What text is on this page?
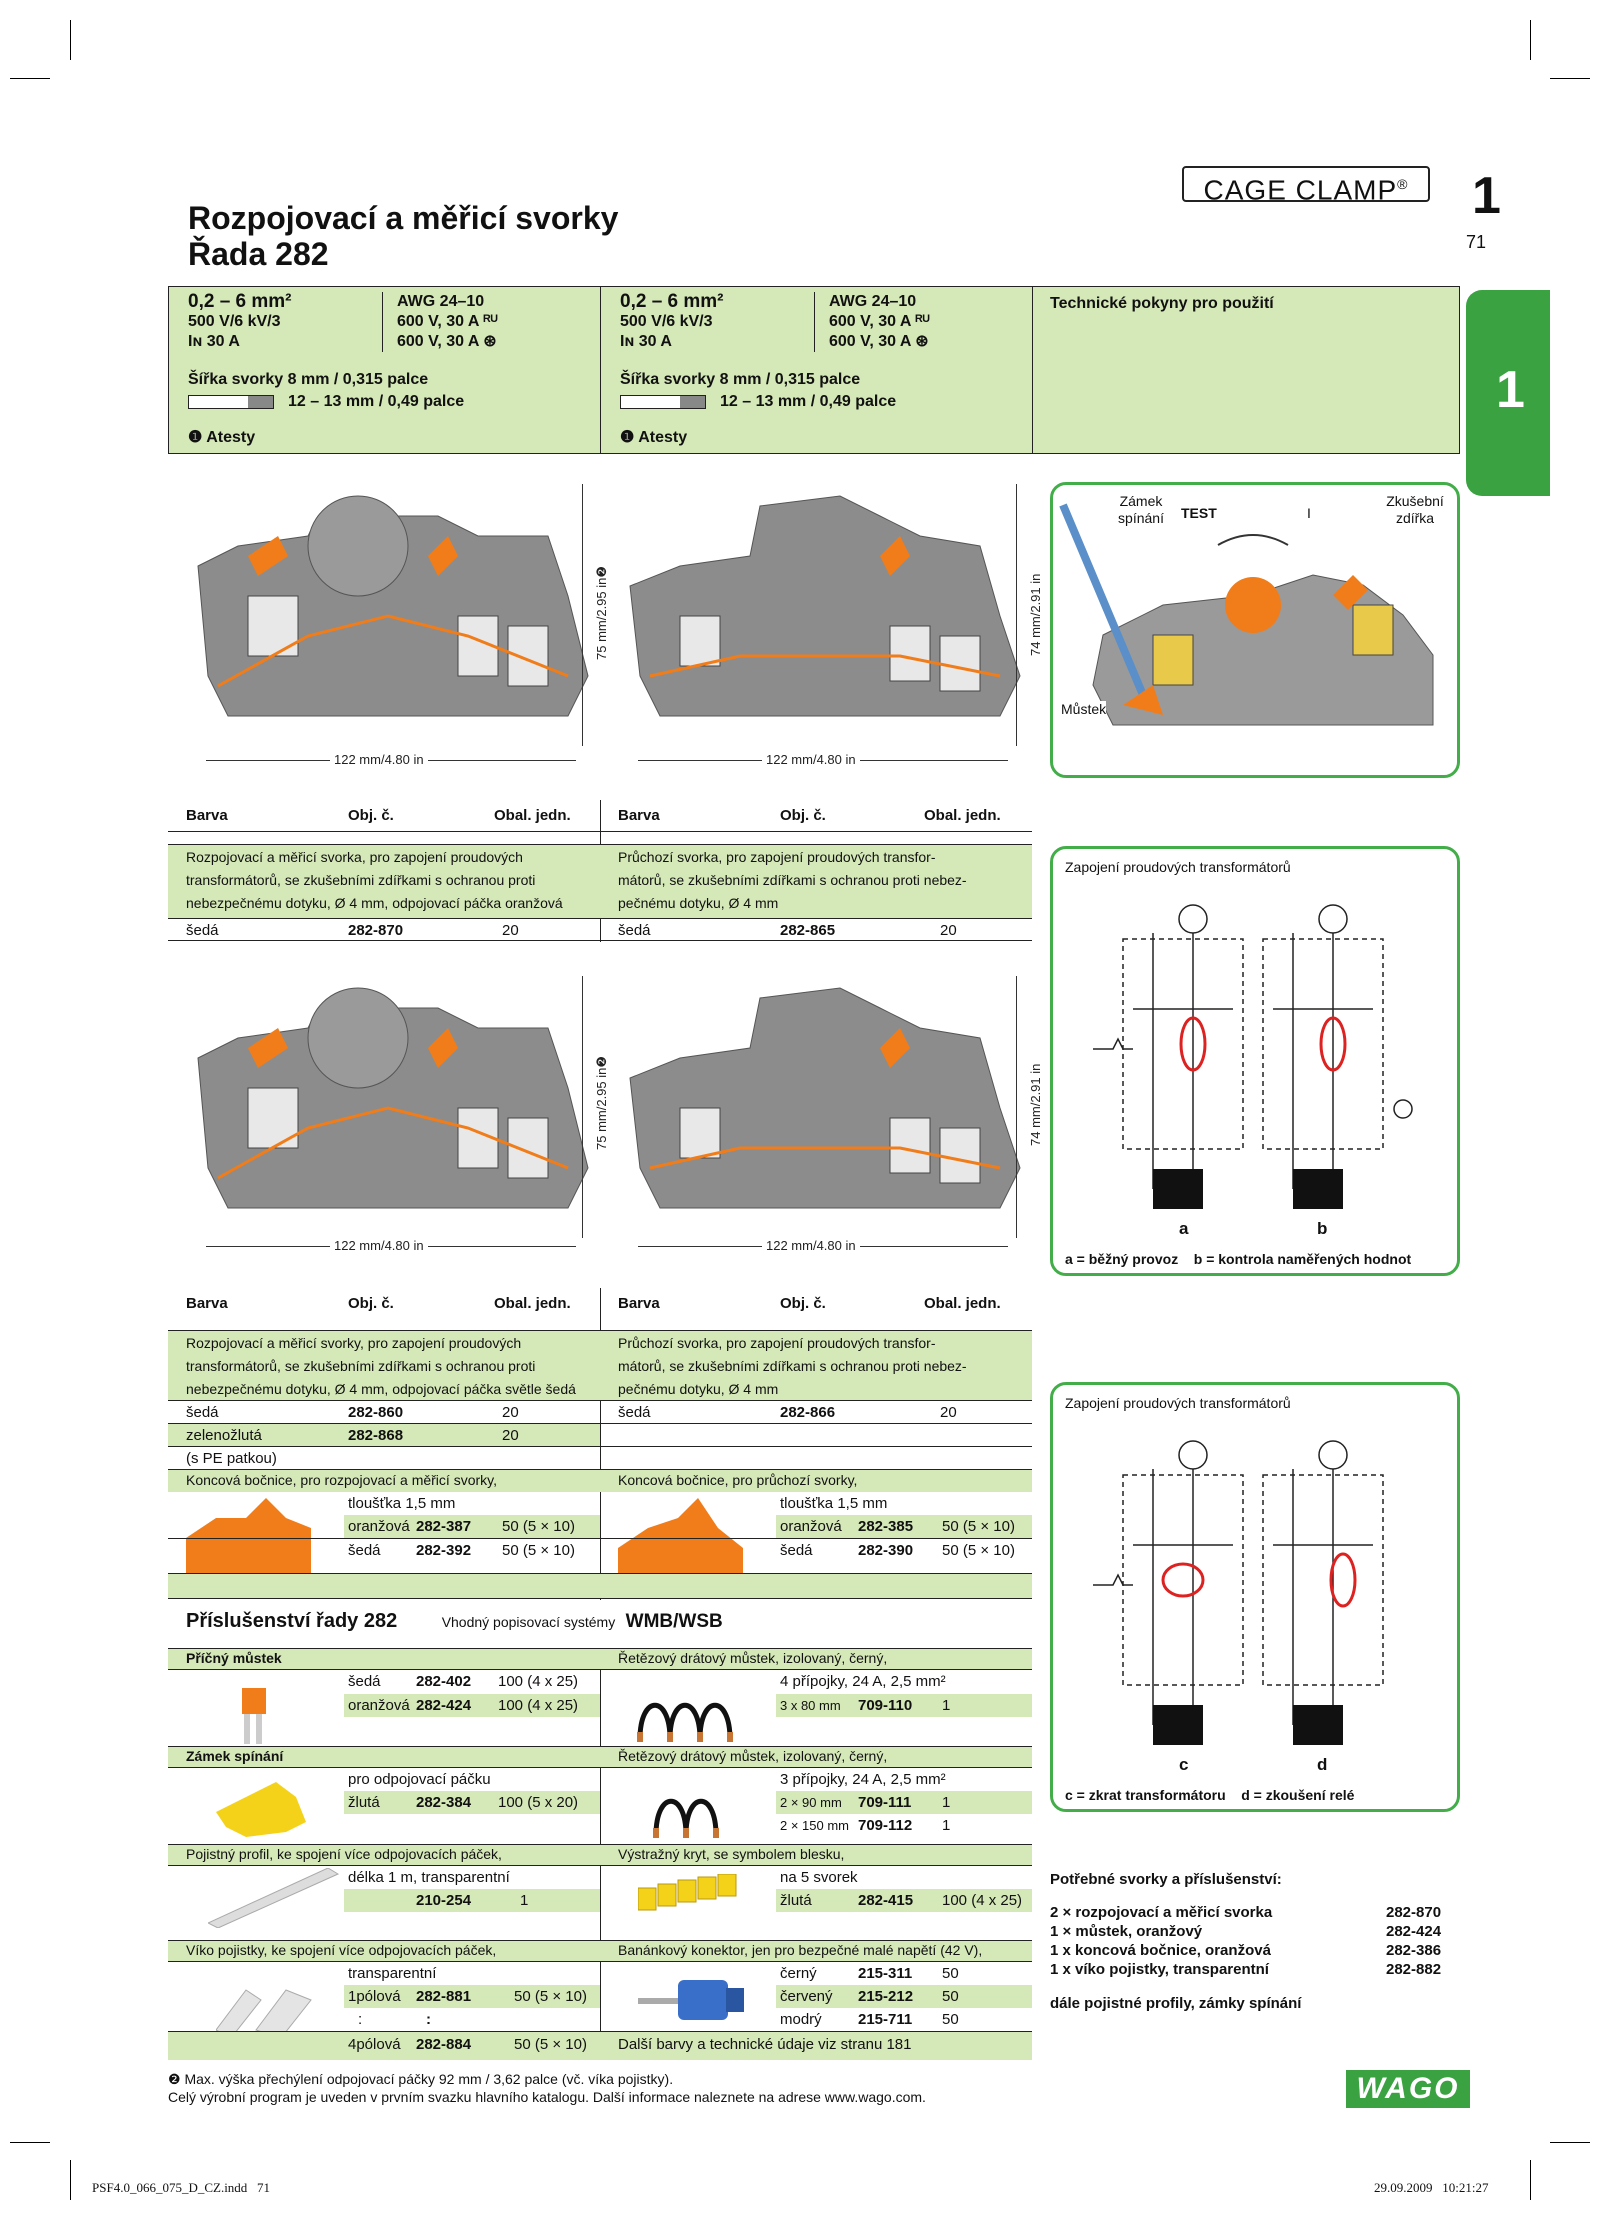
Rozpojovací a měřicí svorky
Řada 282
CAGE CLAMP®	1
71
1
0,2 – 6 mm²
500 V/6 kV/3
Iɴ 30 A
AWG 24–10
600 V, 30 A ᴿᵁ
600 V, 30 A ⊛
Šířka svorky 8 mm / 0,315 palce
12 – 13 mm / 0,49 palce
❶ Atesty
0,2 – 6 mm²
500 V/6 kV/3
Iɴ 30 A
AWG 24–10
600 V, 30 A ᴿᵁ
600 V, 30 A ⊛
Šířka svorky 8 mm / 0,315 palce
12 – 13 mm / 0,49 palce
❶ Atesty
Technické pokyny pro použití
75 mm/2.95 in❷
122 mm/4.80 in
74 mm/2.91 in
122 mm/4.80 in
Zámek spínání	TEST	I
Zkušební zdířka
Můstek
Barva	Obj. č.	Obal. jedn.	Barva	Obj. č.	Obal. jedn.
Rozpojovací a měřicí svorka, pro zapojení proudových
transformátorů, se zkušebními zdířkami s ochranou proti
nebezpečnému dotyku, Ø 4 mm, odpojovací páčka oranžová
Průchozí svorka, pro zapojení proudových transfor-
mátorů, se zkušebními zdířkami s ochranou proti nebez-
pečnému dotyku, Ø 4 mm
šedá	282-870	20	šedá	282-865	20
Zapojení proudových transformátorů
a	b
a = běžný provoz    b = kontrola naměřených hodnot
75 mm/2.95 in❷
122 mm/4.80 in
74 mm/2.91 in
122 mm/4.80 in
Barva	Obj. č.	Obal. jedn.	Barva	Obj. č.	Obal. jedn.
Rozpojovací a měřicí svorky, pro zapojení proudových
transformátorů, se zkušebními zdířkami s ochranou proti
nebezpečnému dotyku, Ø 4 mm, odpojovací páčka světle šedá
Průchozí svorka, pro zapojení proudových transfor-
mátorů, se zkušebními zdířkami s ochranou proti nebez-
pečnému dotyku, Ø 4 mm
šedá	282-860	20	šedá	282-866	20
zelenožlutá	282-868	20
(s PE patkou)
Koncová bočnice, pro rozpojovací a měřicí svorky,	Koncová bočnice, pro průchozí svorky,
tloušťka 1,5 mm	tloušťka 1,5 mm
oranžová 282-387 50 (5 × 10)	oranžová 282-385 50 (5 × 10)
šedá 282-392 50 (5 × 10)	šedá	282-390 50 (5 × 10)
Zapojení proudových transformátorů
c	d
c = zkrat transformátoru    d = zkoušení relé
Příslušenství řady 282	Vhodný popisovací systémy WMB/WSB
Příčný můstek	Řetězový drátový můstek, izolovaný, černý,
šedá 282-402 100 (4 x 25)	4 přípojky, 24 A, 2,5 mm²
oranžová 282-424 100 (4 x 25)	3 x 80 mm 709-110 1
Zámek spínání	Řetězový drátový můstek, izolovaný, černý,
pro odpojovací páčku	3 přípojky, 24 A, 2,5 mm²
žlutá 282-384 100 (5 x 20)	2 × 90 mm 709-111 1
2 × 150 mm 709-112 1
Pojistný profil, ke spojení více odpojovacích páček,	Výstražný kryt, se symbolem blesku,
délka 1 m, transparentní	na 5 svorek
210-254	1	žlutá	282-415 100 (4 x 25)
Víko pojistky, ke spojení více odpojovacích páček,	Banánkový konektor, jen pro bezpečné malé napětí (42 V),
transparentní	černý	215-311 50
1pólová 282-881	50 (5 × 10)	červený 215-212 50
:	:	modrý 215-711 50
4pólová 282-884	50 (5 × 10) Další barvy a technické údaje viz stranu 181
Potřebné svorky a příslušenství:
2 × rozpojovací a měřicí svorka	282-870
1 × můstek, oranžový	282-424
1 x koncová bočnice, oranžová	282-386
1 x víko pojistky, transparentní	282-882
dále pojistné profily, zámky spínání
❷ Max. výška přechýlení odpojovací páčky 92 mm / 3,62 palce (vč. víka pojistky).
Celý výrobní program je uveden v prvním svazku hlavního katalogu. Další informace naleznete na adrese www.wago.com.	WAGO
PSF4.0_066_075_D_CZ.indd   71	29.09.2009   10:21:27
